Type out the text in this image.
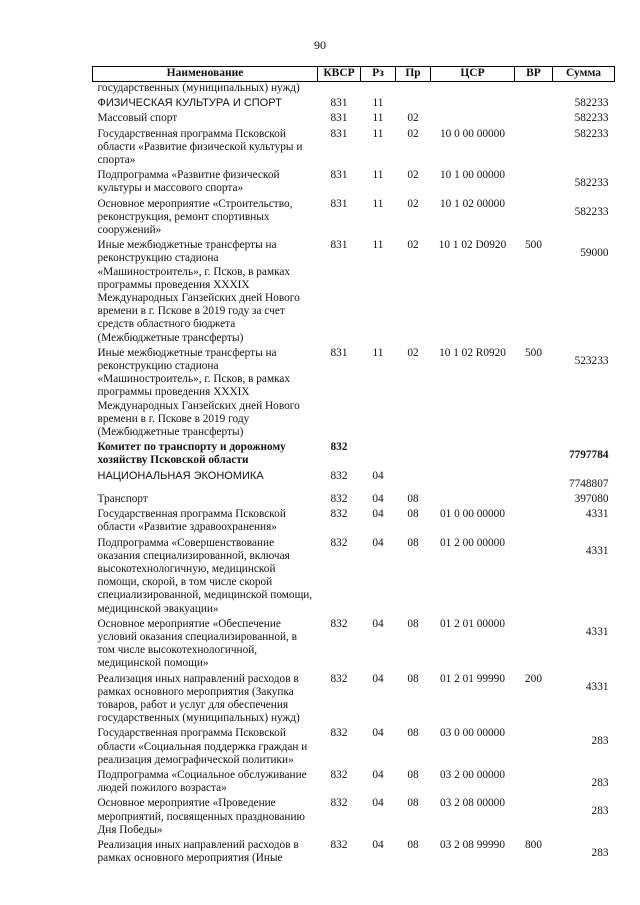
90
Наименование	КВСР	Рз	Пр	ЦСР	ВР	Сумма
государственных (муниципальных) нужд)						
ФИЗИЧЕСКАЯ КУЛЬТУРА И СПОРТ	831	11				582233
Массовый спорт	831	11	02			582233
Государственная программа Псковской области «Развитие физической культуры и спорта»	831	11	02	10 0 00 00000		582233
Подпрограмма «Развитие физической культуры и массового спорта»	831	11	02	10 1 00 00000		582233
Основное мероприятие «Строительство, реконструкция, ремонт спортивных сооружений»	831	11	02	10 1 02 00000		582233
Иные межбюджетные трансферты на реконструкцию стадиона «Машиностроитель», г. Псков, в рамках программы проведения XXXIX Международных Ганзейских дней Нового времени в г. Пскове в 2019 году за счет средств областного бюджета (Межбюджетные трансферты)	831	11	02	10 1 02 D0920	500	59000
Иные межбюджетные трансферты на реконструкцию стадиона «Машиностроитель», г. Псков, в рамках программы проведения XXXIX Международных Ганзейских дней Нового времени в г. Пскове в 2019 году (Межбюджетные трансферты)	831	11	02	10 1 02 R0920	500	523233
Комитет по транспорту и дорожному хозяйству Псковской области	832					7797784
НАЦИОНАЛЬНАЯ ЭКОНОМИКА	832	04				7748807
Транспорт	832	04	08			397080
Государственная программа Псковской области «Развитие здравоохранения»	832	04	08	01 0 00 00000		4331
Подпрограмма «Совершенствование оказания специализированной, включая высокотехнологичную, медицинской помощи, скорой, в том числе скорой специализированной, медицинской помощи, медицинской эвакуации»	832	04	08	01 2 00 00000		4331
Основное мероприятие «Обеспечение условий оказания специализированной, в том числе высокотехнологичной, медицинской помощи»	832	04	08	01 2 01 00000		4331
Реализация иных направлений расходов в рамках основного мероприятия (Закупка товаров, работ и услуг для обеспечения государственных (муниципальных) нужд)	832	04	08	01 2 01 99990	200	4331
Государственная программа Псковской области «Социальная поддержка граждан и реализация демографической политики»	832	04	08	03 0 00 00000		283
Подпрограмма «Социальное обслуживание людей пожилого возраста»	832	04	08	03 2 00 00000		283
Основное мероприятие «Проведение мероприятий, посвященных празднованию Дня Победы»	832	04	08	03 2 08 00000		283
Реализация иных направлений расходов в рамках основного мероприятия (Иные	832	04	08	03 2 08 99990	800	283
